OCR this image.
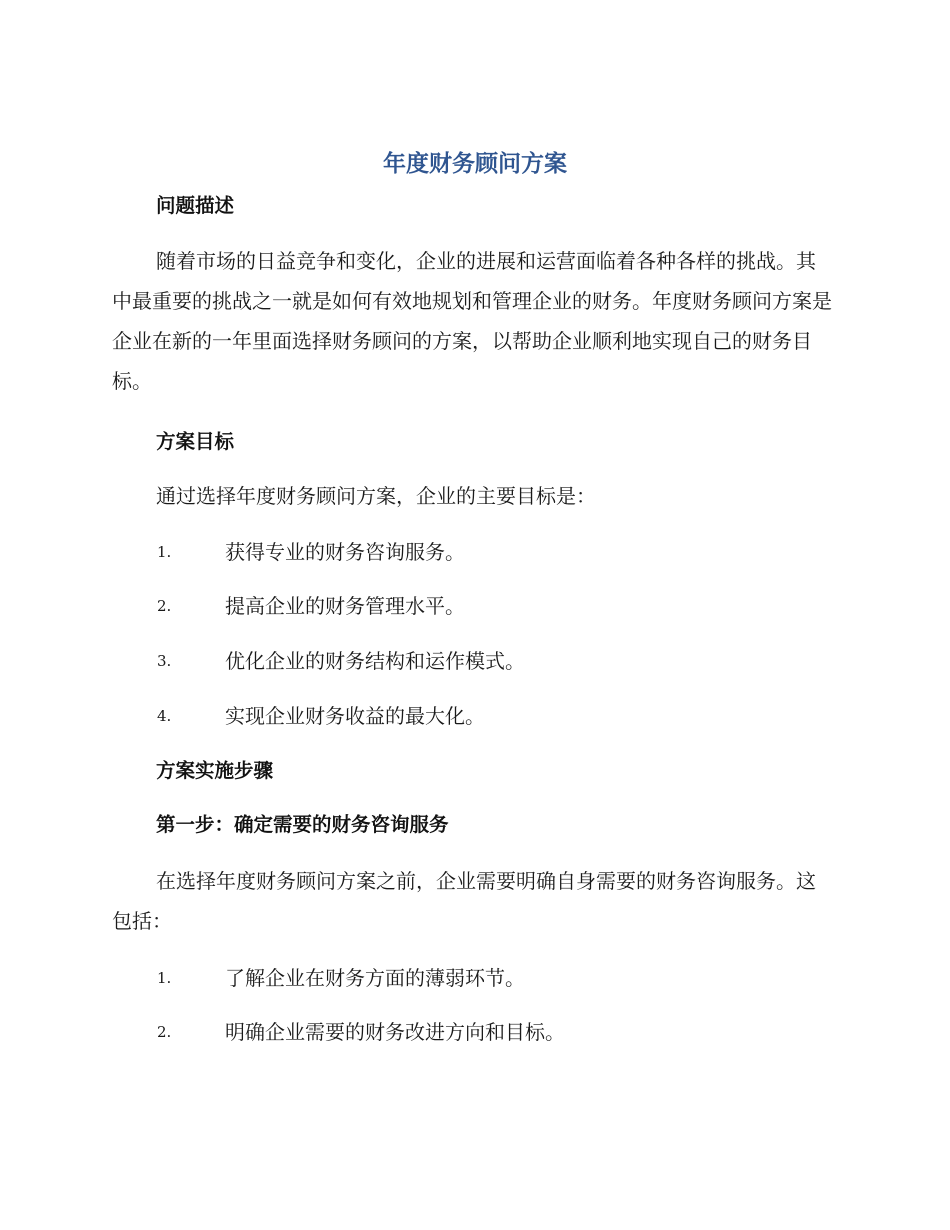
年度财务顾问方案
问题描述

随着市场的日益竞争和变化，企业的进展和运营面临着各种各样的挑战。其中最重要的挑战之一就是如何有效地规划和管理企业的财务。年度财务顾问方案是企业在新的一年里面选择财务顾问的方案，以帮助企业顺利地实现自己的财务目标。

方案目标
通过选择年度财务顾问方案，企业的主要目标是：
1.	获得专业的财务咨询服务。
2.	提高企业的财务管理水平。
3.	优化企业的财务结构和运作模式。
4.	实现企业财务收益的最大化。
方案实施步骤
第一步：确定需要的财务咨询服务

在选择年度财务顾问方案之前，企业需要明确自身需要的财务咨询服务。这包括：

1.	了解企业在财务方面的薄弱环节。
2.	明确企业需要的财务改进方向和目标。
